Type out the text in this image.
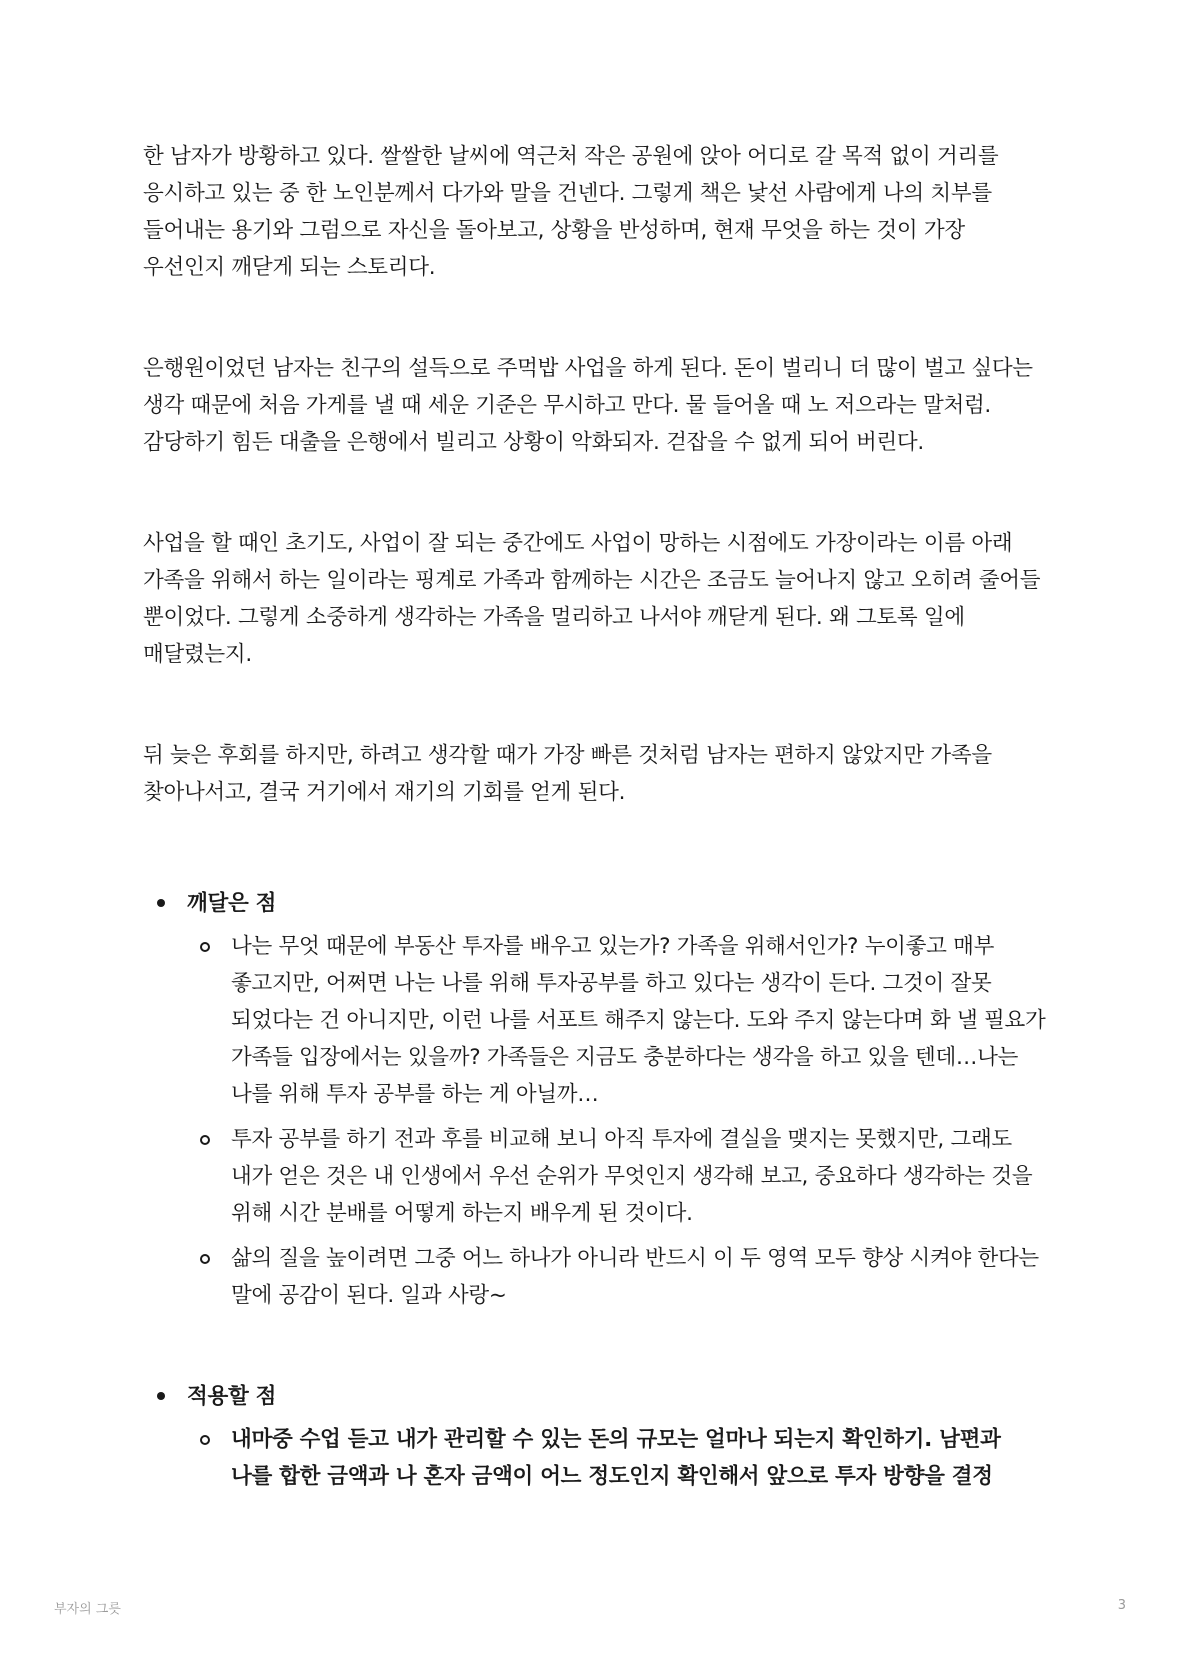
한 남자가 방황하고 있다. 쌀쌀한 날씨에 역근처 작은 공원에 앉아 어디로 갈 목적 없이 거리를 응시하고 있는 중 한 노인분께서 다가와 말을 건넨다. 그렇게 책은 낯선 사람에게 나의 치부를 들어내는 용기와 그럼으로 자신을 돌아보고, 상황을 반성하며, 현재 무엇을 하는 것이 가장 우선인지 깨닫게 되는 스토리다.

은행원이었던 남자는 친구의 설득으로 주먹밥 사업을 하게 된다. 돈이 벌리니 더 많이 벌고 싶다는 생각 때문에 처음 가게를 낼 때 세운 기준은 무시하고 만다. 물 들어올 때 노 저으라는 말처럼. 감당하기 힘든 대출을 은행에서 빌리고 상황이 악화되자. 걷잡을 수 없게 되어 버린다.

사업을 할 때인 초기도, 사업이 잘 되는 중간에도 사업이 망하는 시점에도 가장이라는 이름 아래 가족을 위해서 하는 일이라는 핑계로 가족과 함께하는 시간은 조금도 늘어나지 않고 오히려 줄어들 뿐이었다. 그렇게 소중하게 생각하는 가족을 멀리하고 나서야 깨닫게 된다. 왜 그토록 일에 매달렸는지.

뒤 늦은 후회를 하지만, 하려고 생각할 때가 가장 빠른 것처럼 남자는 편하지 않았지만 가족을 찾아나서고, 결국 거기에서 재기의 기회를 얻게 된다.

깨달은 점
나는 무엇 때문에 부동산 투자를 배우고 있는가? 가족을 위해서인가? 누이좋고 매부 좋고지만, 어쩌면 나는 나를 위해 투자공부를 하고 있다는 생각이 든다. 그것이 잘못 되었다는 건 아니지만, 이런 나를 서포트 해주지 않는다. 도와 주지 않는다며 화 낼 필요가 가족들 입장에서는 있을까? 가족들은 지금도 충분하다는 생각을 하고 있을 텐데…나는 나를 위해 투자 공부를 하는 게 아닐까…
투자 공부를 하기 전과 후를 비교해 보니 아직 투자에 결실을 맺지는 못했지만, 그래도 내가 얻은 것은 내 인생에서 우선 순위가 무엇인지 생각해 보고, 중요하다 생각하는 것을 위해 시간 분배를 어떻게 하는지 배우게 된 것이다.
삶의 질을 높이려면 그중 어느 하나가 아니라 반드시 이 두 영역 모두 향상 시켜야 한다는 말에 공감이 된다. 일과 사랑~
적용할 점
내마중 수업 듣고 내가 관리할 수 있는 돈의 규모는 얼마나 되는지 확인하기. 남편과 나를 합한 금액과 나 혼자 금액이 어느 정도인지 확인해서 앞으로 투자 방향을 결정
부자의 그릇	3
